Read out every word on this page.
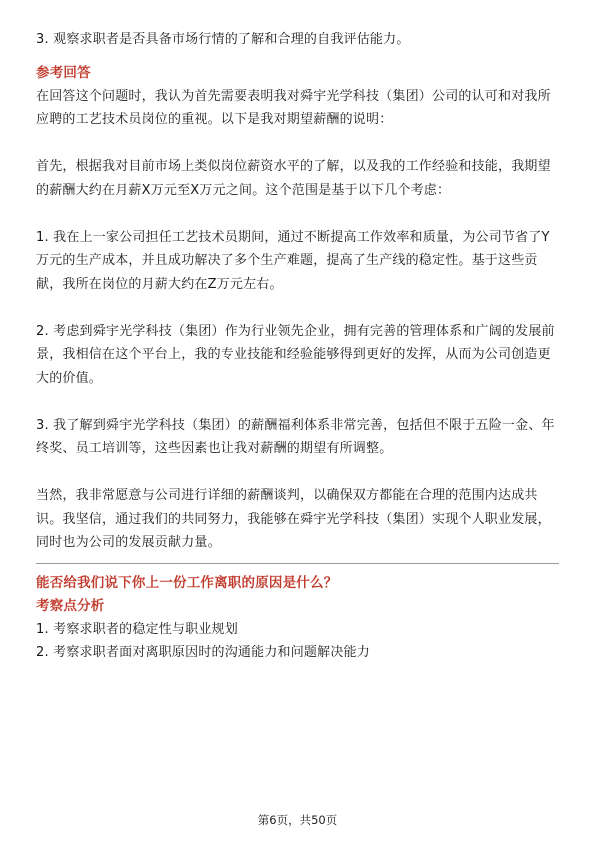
3. 观察求职者是否具备市场行情的了解和合理的自我评估能力。

参考回答

在回答这个问题时，我认为首先需要表明我对舜宇光学科技（集团）公司的认可和对我所应聘的工艺技术员岗位的重视。以下是我对期望薪酬的说明：

首先，根据我对目前市场上类似岗位薪资水平的了解，以及我的工作经验和技能，我期望的薪酬大约在月薪X万元至X万元之间。这个范围是基于以下几个考虑：

1. 我在上一家公司担任工艺技术员期间，通过不断提高工作效率和质量，为公司节省了Y万元的生产成本，并且成功解决了多个生产难题，提高了生产线的稳定性。基于这些贡献，我所在岗位的月薪大约在Z万元左右。

2. 考虑到舜宇光学科技（集团）作为行业领先企业，拥有完善的管理体系和广阔的发展前景，我相信在这个平台上，我的专业技能和经验能够得到更好的发挥，从而为公司创造更大的价值。

3. 我了解到舜宇光学科技（集团）的薪酬福利体系非常完善，包括但不限于五险一金、年终奖、员工培训等，这些因素也让我对薪酬的期望有所调整。

当然，我非常愿意与公司进行详细的薪酬谈判，以确保双方都能在合理的范围内达成共识。我坚信，通过我们的共同努力，我能够在舜宇光学科技（集团）实现个人职业发展，同时也为公司的发展贡献力量。

能否给我们说下你上一份工作离职的原因是什么？

考察点分析

1. 考察求职者的稳定性与职业规划

2. 考察求职者面对离职原因时的沟通能力和问题解决能力

第6页，共50页
